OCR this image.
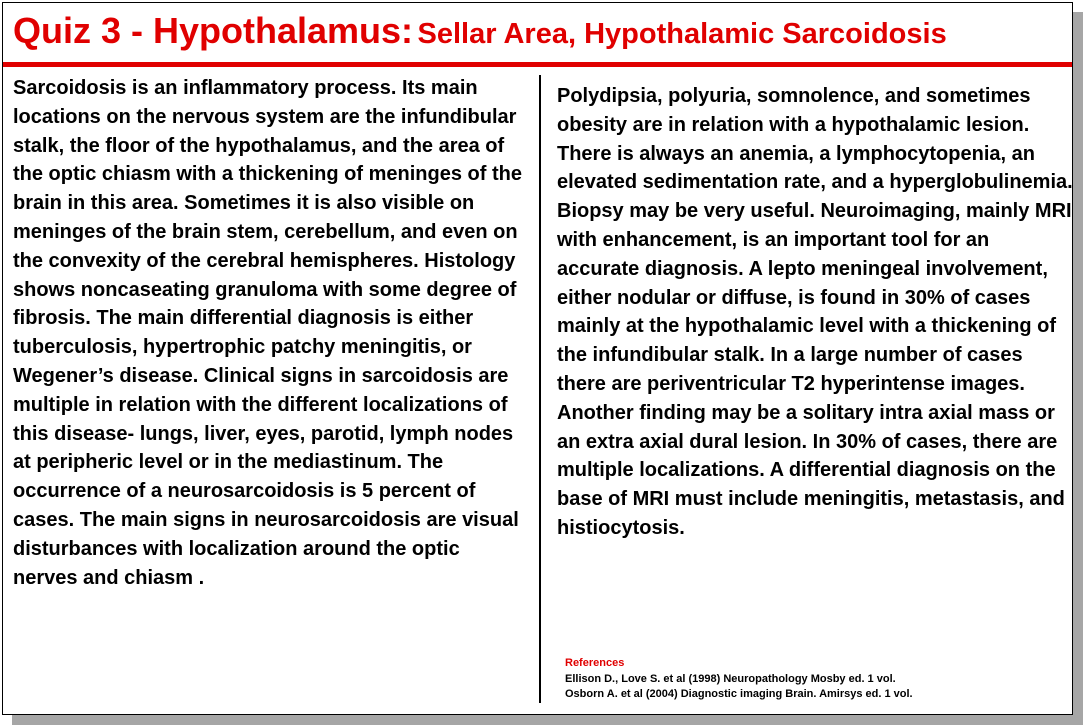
Quiz 3 - Hypothalamus: Sellar Area, Hypothalamic Sarcoidosis

Sarcoidosis is an inflammatory process. Its main locations on the nervous system are the infundibular stalk, the floor of the hypothalamus, and the area of the optic chiasm with a thickening of meninges of the brain in this area. Sometimes it is also visible on meninges of the brain stem, cerebellum, and even on the convexity of the cerebral hemispheres. Histology shows noncaseating granuloma with some degree of fibrosis. The main differential diagnosis is either tuberculosis, hypertrophic patchy meningitis, or Wegener’s disease. Clinical signs in sarcoidosis are multiple in relation with the different localizations of this disease- lungs, liver, eyes, parotid, lymph nodes at peripheric level or in the mediastinum. The occurrence of a neurosarcoidosis is 5 percent of cases. The main signs in neurosarcoidosis are visual disturbances with localization around the optic nerves and chiasm .

Polydipsia, polyuria, somnolence, and sometimes obesity are in relation with a hypothalamic lesion. There is always an anemia, a lymphocytopenia, an elevated sedimentation rate, and a hyperglobulinemia. Biopsy may be very useful. Neuroimaging, mainly MRI with enhancement, is an important tool for an accurate diagnosis. A lepto meningeal involvement, either nodular or diffuse, is found in 30% of cases mainly at the hypothalamic level with a thickening of the infundibular stalk. In a large number of cases there are periventricular T2 hyperintense images. Another finding may be a solitary intra axial mass or an extra axial dural lesion. In 30% of cases, there are multiple localizations. A differential diagnosis on the base of MRI must include meningitis, metastasis, and histiocytosis.

References
Ellison D., Love S. et al (1998) Neuropathology Mosby ed. 1 vol.
Osborn A. et al (2004) Diagnostic imaging Brain. Amirsys ed. 1 vol.
